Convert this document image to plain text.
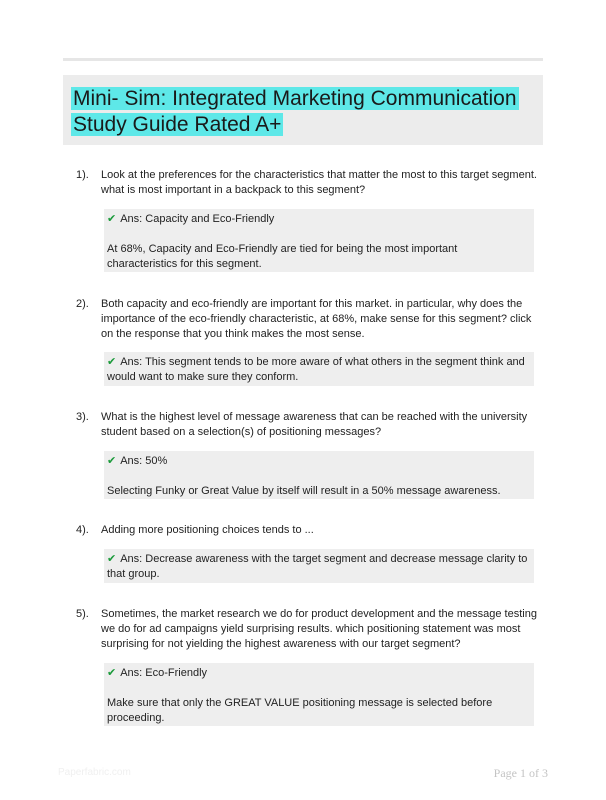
Mini- Sim: Integrated Marketing Communication Study Guide Rated A+
1). Look at the preferences for the characteristics that matter the most to this target segment. what is most important in a backpack to this segment?
✔ Ans: Capacity and Eco-Friendly
At 68%, Capacity and Eco-Friendly are tied for being the most important characteristics for this segment.
2). Both capacity and eco-friendly are important for this market. in particular, why does the importance of the eco-friendly characteristic, at 68%, make sense for this segment? click on the response that you think makes the most sense.
✔ Ans: This segment tends to be more aware of what others in the segment think and would want to make sure they conform.
3). What is the highest level of message awareness that can be reached with the university student based on a selection(s) of positioning messages?
✔ Ans: 50%
Selecting Funky or Great Value by itself will result in a 50% message awareness.
4). Adding more positioning choices tends to ...
✔ Ans: Decrease awareness with the target segment and decrease message clarity to that group.
5). Sometimes, the market research we do for product development and the message testing we do for ad campaigns yield surprising results. which positioning statement was most surprising for not yielding the highest awareness with our target segment?
✔ Ans: Eco-Friendly
Make sure that only the GREAT VALUE positioning message is selected before proceeding.
Paperfabric.com	Page 1 of 3
